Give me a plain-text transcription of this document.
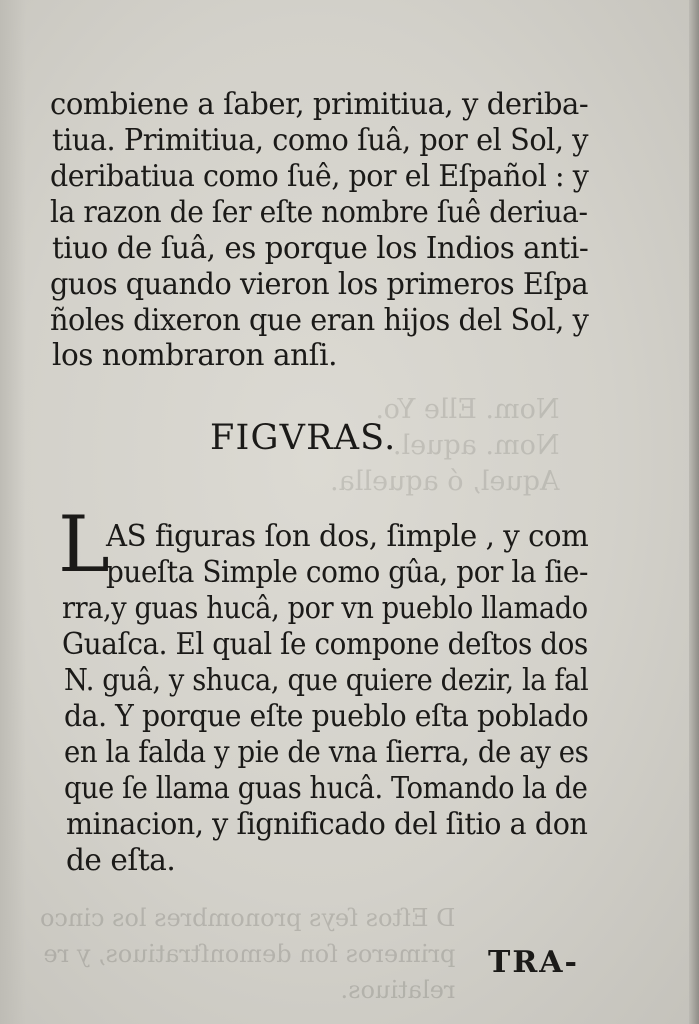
Nom. Elle Yo.
Nom. aquel.
Aquel, ó aquella.
D Eſtos ſeys pronombres los cinco
primeros ſon demonſtratiuos, y re
relatiuos.
combiene a ſaber, primitiua, y deriba-
tiua. Primitiua, como ſuâ, por el Sol, y
deribatiua como ſuê, por el Eſpañol : y
la razon de ſer eſte nombre ſuê deriua-
tiuo de ſuâ, es porque los Indios anti-
guos quando vieron los primeros Eſpa
ñoles dixeron que eran hijos del Sol, y
los nombraron anſi.
FIGVRAS.
L
AS figuras ſon dos, ſimple , y com
pueſta Simple como gûa, por la ſie-
rra,y guas hucâ, por vn pueblo llamado
Guaſca. El qual ſe compone deſtos dos
N. guâ, y shuca, que quiere dezir, la fal
da. Y porque eſte pueblo eſta poblado
en la falda y pie de vna ſierra, de ay es
que ſe llama guas hucâ. Tomando la de
minacion, y ſignificado del ſitio a don
de eſta.
TRA-
